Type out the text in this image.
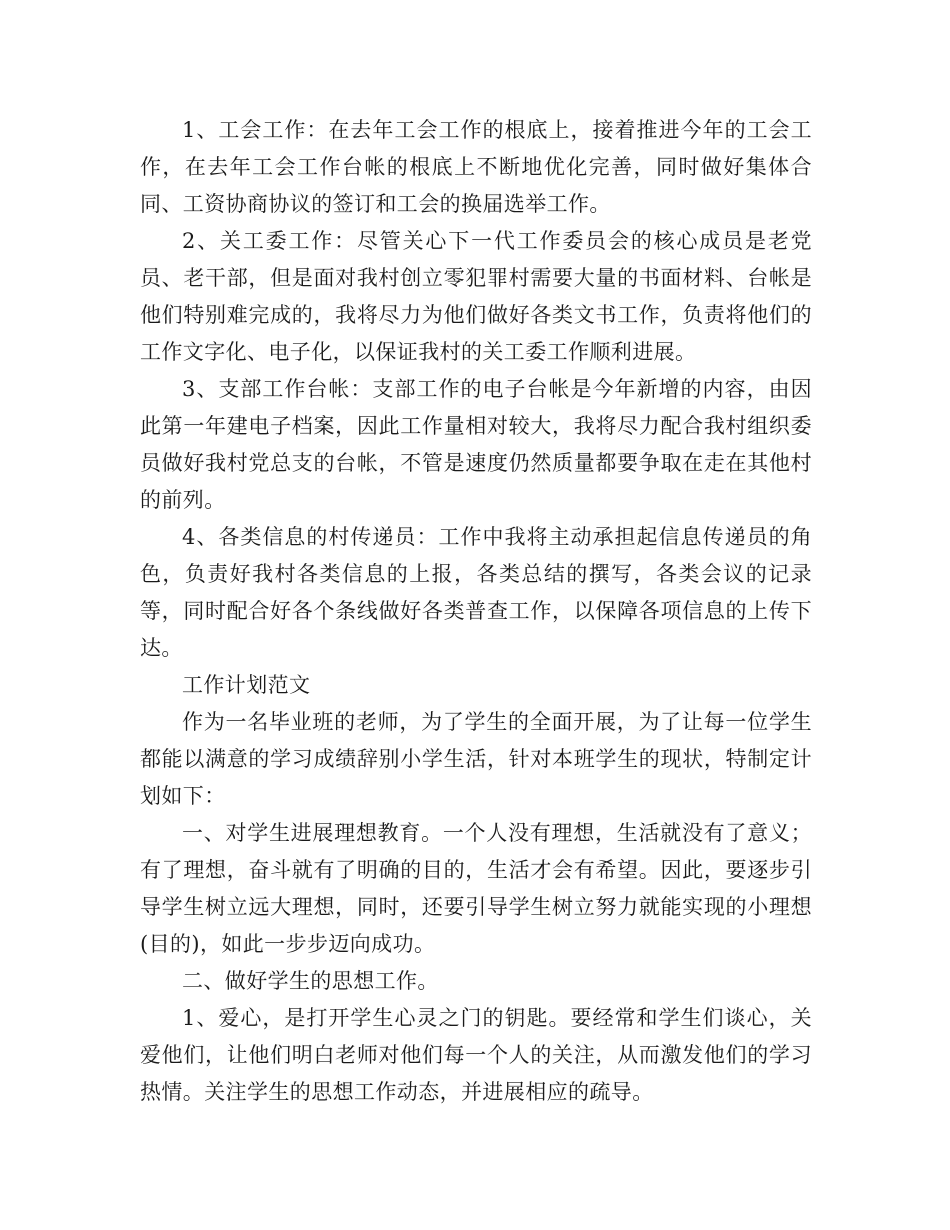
1、工会工作：在去年工会工作的根底上，接着推进今年的工会工作，在去年工会工作台帐的根底上不断地优化完善，同时做好集体合同、工资协商协议的签订和工会的换届选举工作。

2、关工委工作：尽管关心下一代工作委员会的核心成员是老党员、老干部，但是面对我村创立零犯罪村需要大量的书面材料、台帐是他们特别难完成的，我将尽力为他们做好各类文书工作，负责将他们的工作文字化、电子化，以保证我村的关工委工作顺利进展。

3、支部工作台帐：支部工作的电子台帐是今年新增的内容，由因此第一年建电子档案，因此工作量相对较大，我将尽力配合我村组织委员做好我村党总支的台帐，不管是速度仍然质量都要争取在走在其他村的前列。

4、各类信息的村传递员：工作中我将主动承担起信息传递员的角色，负责好我村各类信息的上报，各类总结的撰写，各类会议的记录等，同时配合好各个条线做好各类普查工作，以保障各项信息的上传下达。

工作计划范文

作为一名毕业班的老师，为了学生的全面开展，为了让每一位学生都能以满意的学习成绩辞别小学生活，针对本班学生的现状，特制定计划如下：

一、对学生进展理想教育。一个人没有理想，生活就没有了意义；有了理想，奋斗就有了明确的目的，生活才会有希望。因此，要逐步引导学生树立远大理想，同时，还要引导学生树立努力就能实现的小理想(目的)，如此一步步迈向成功。

二、做好学生的思想工作。

1、爱心，是打开学生心灵之门的钥匙。要经常和学生们谈心，关爱他们，让他们明白老师对他们每一个人的关注，从而激发他们的学习热情。关注学生的思想工作动态，并进展相应的疏导。
